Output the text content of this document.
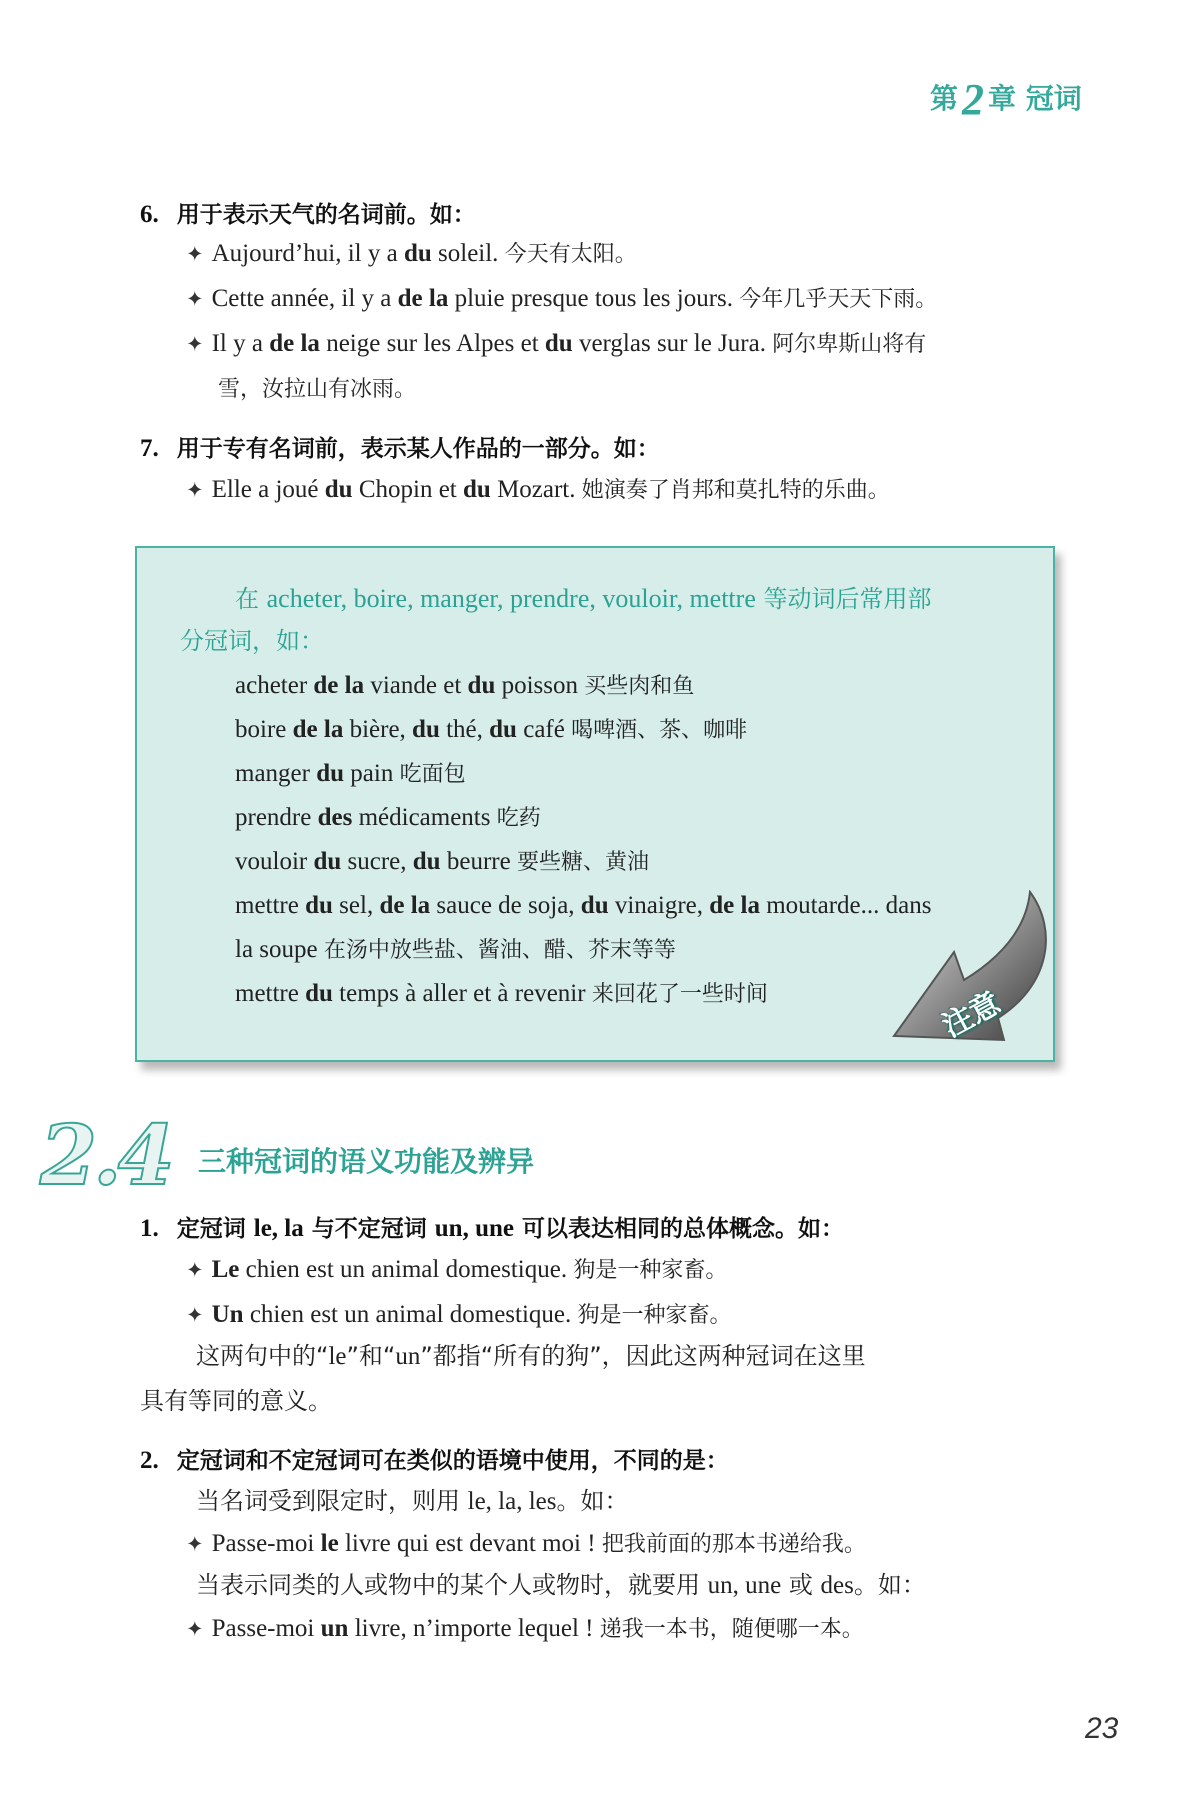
第2 章 冠词
6. 用于表示天气的名词前。如：
✦ Aujourd’hui, il y a du soleil. 今天有太阳。
✦ Cette année, il y a de la pluie presque tous les jours. 今年几乎天天下雨。
✦ Il y a de la neige sur les Alpes et du verglas sur le Jura. 阿尔卑斯山将有
雪，汝拉山有冰雨。
7. 用于专有名词前，表示某人作品的一部分。如：
✦ Elle a joué du Chopin et du Mozart. 她演奏了肖邦和莫扎特的乐曲。
在 acheter, boire, manger, prendre, vouloir, mettre 等动词后常用部
分冠词，如：
acheter de la viande et du poisson 买些肉和鱼
boire de la bière, du thé, du café 喝啤酒、茶、咖啡
manger du pain 吃面包
prendre des médicaments 吃药
vouloir du sucre, du beurre 要些糖、黄油
mettre du sel, de la sauce de soja, du vinaigre, de la moutarde... dans
la soupe 在汤中放些盐、酱油、醋、芥末等等
mettre du temps à aller et à revenir 来回花了一些时间	注意
2.4 三种冠词的语义功能及辨异
1. 定冠词 le, la 与不定冠词 un, une 可以表达相同的总体概念。如：
✦ Le chien est un animal domestique. 狗是一种家畜。
✦ Un chien est un animal domestique. 狗是一种家畜。
这两句中的“le”和“un”都指“所有的狗”，因此这两种冠词在这里
具有等同的意义。
2. 定冠词和不定冠词可在类似的语境中使用，不同的是：
当名词受到限定时，则用 le, la, les。如：
✦ Passe-moi le livre qui est devant moi ! 把我前面的那本书递给我。
当表示同类的人或物中的某个人或物时，就要用 un, une 或 des。如：
✦ Passe-moi un livre, n’importe lequel ! 递我一本书，随便哪一本。
23
